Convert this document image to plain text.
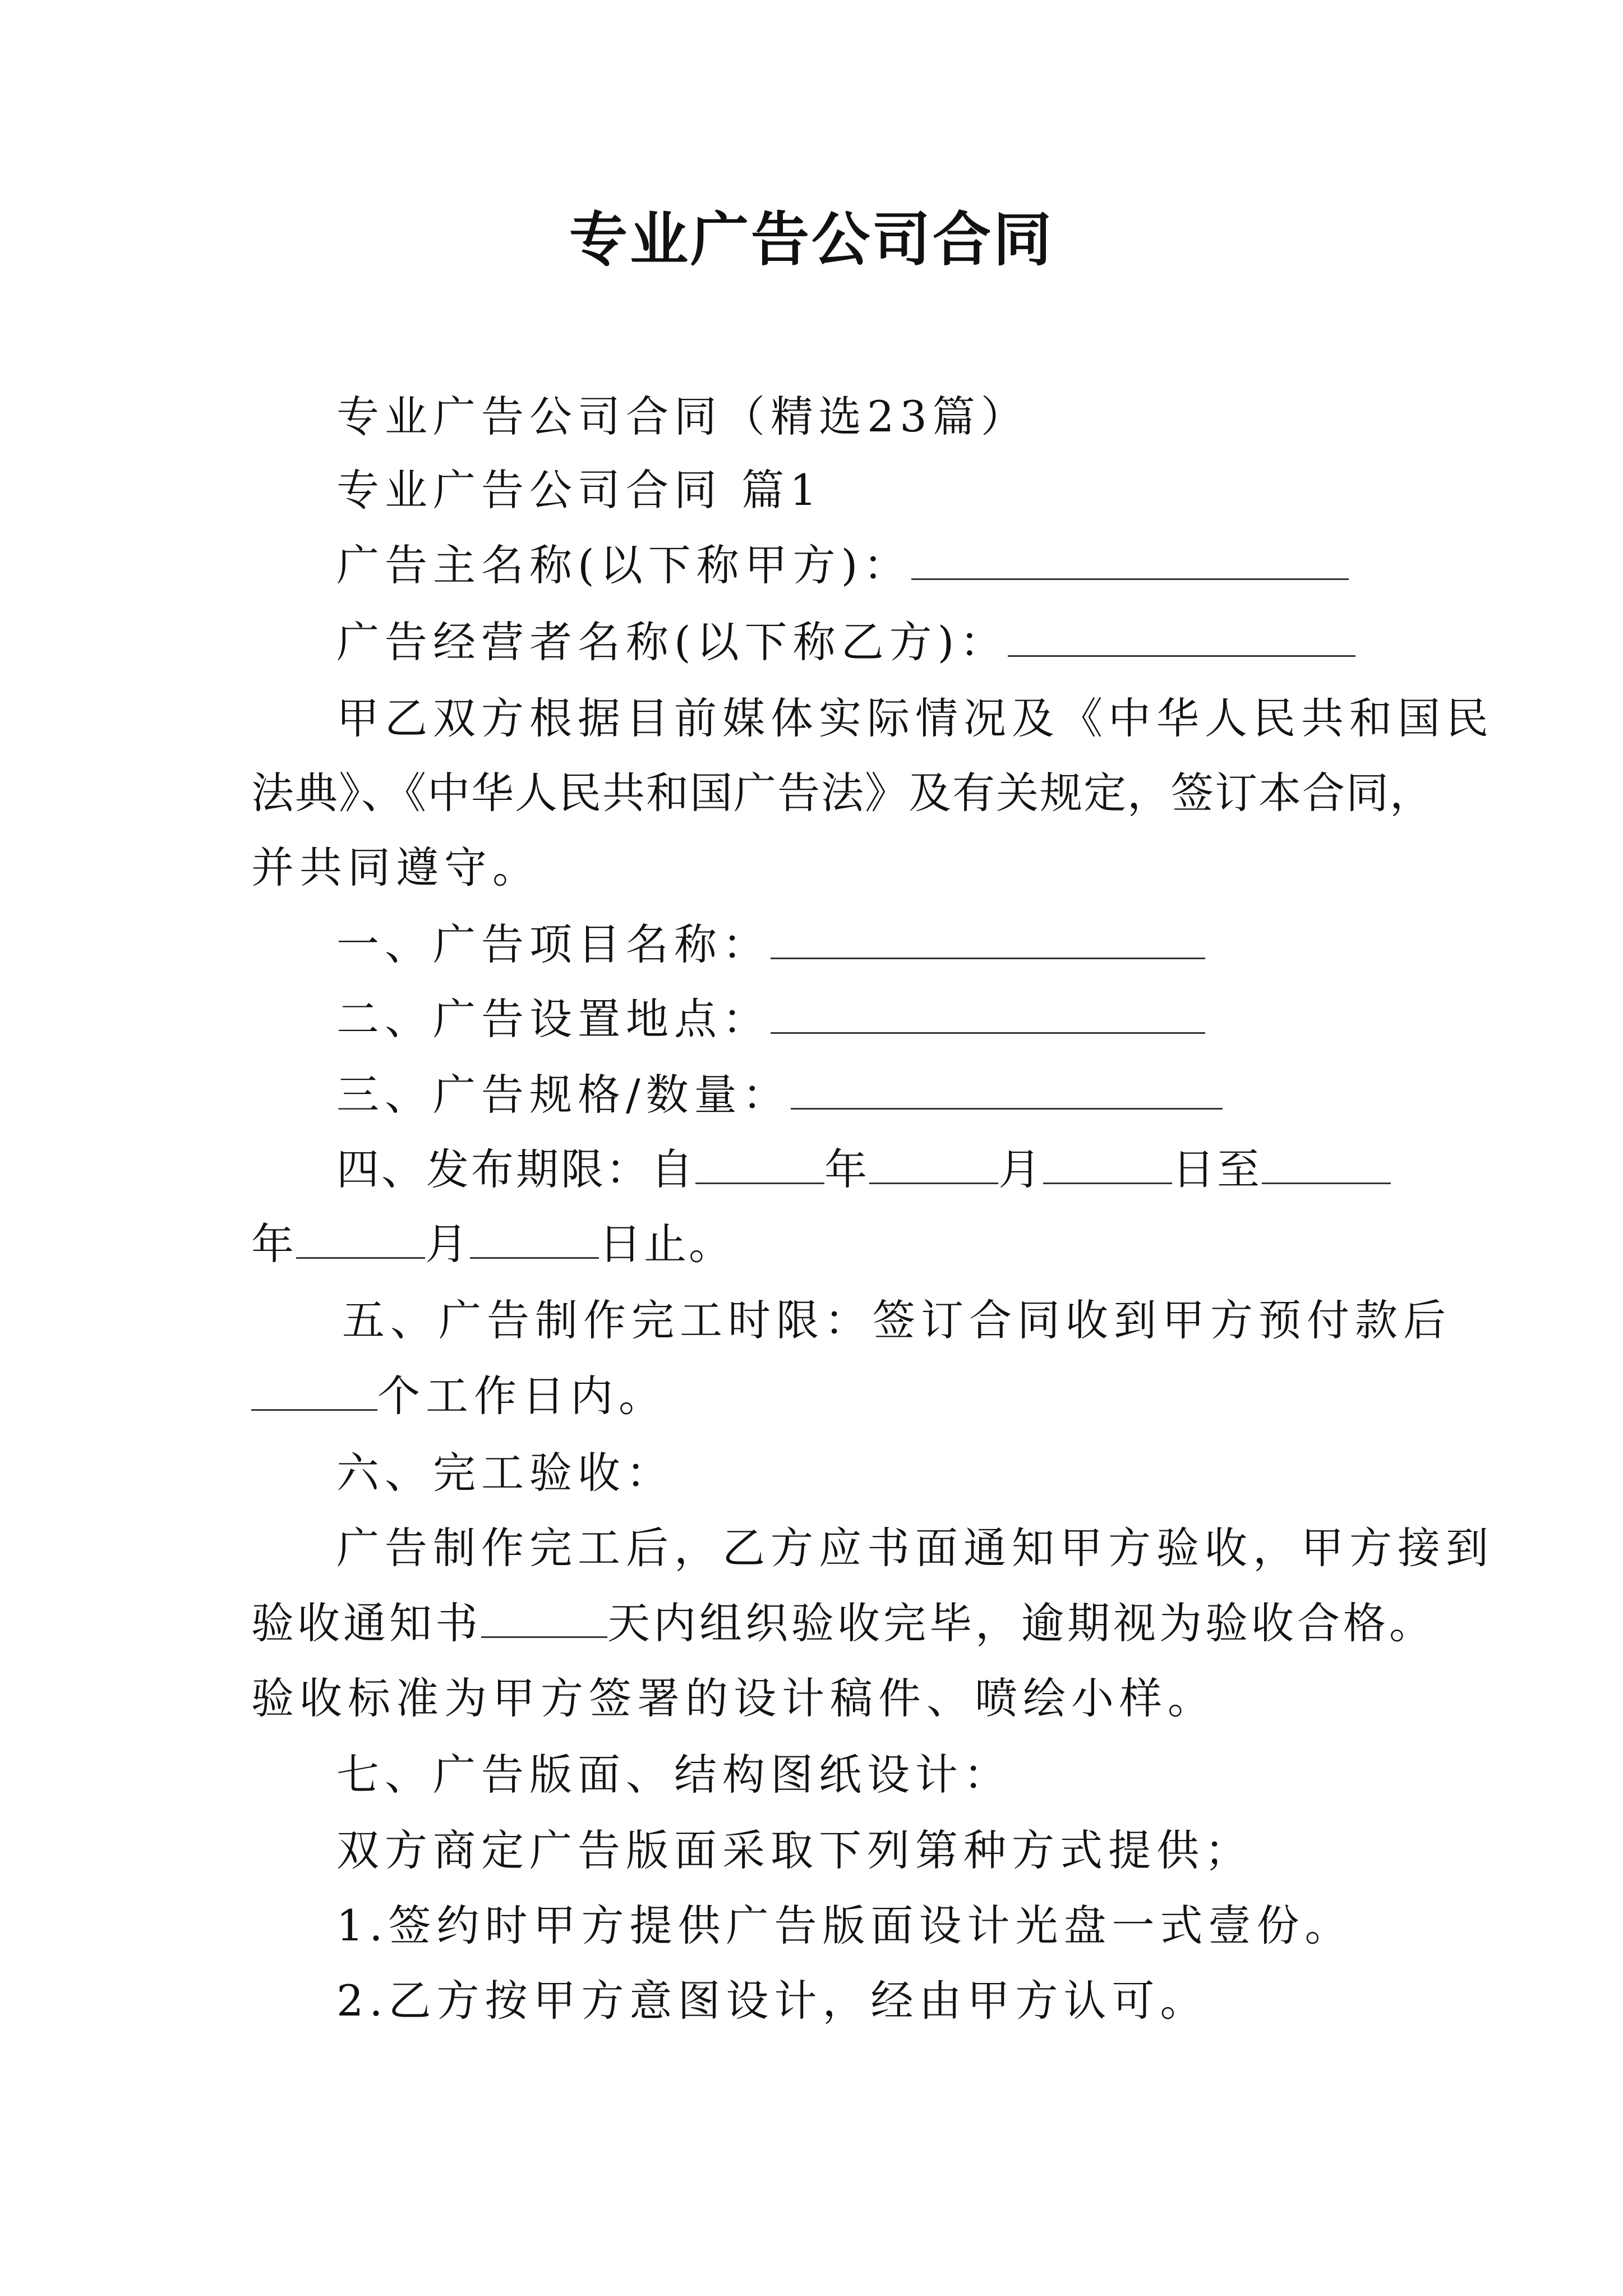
专业广告公司合同
专业广告公司合同（精选23篇）
专业广告公司合同 篇1
广告主名称(以下称甲方)：
广告经营者名称(以下称乙方)：
甲乙双方根据目前媒体实际情况及《中华人民共和国民
法典》、《中华人民共和国广告法》及有关规定，签订本合同，
并共同遵守。
一、广告项目名称：
二、广告设置地点：
三、广告规格/数量：
四、发布期限：自	年	月	日至
年	月	日止。
五、广告制作完工时限：签订合同收到甲方预付款后
个工作日内。
六、完工验收：
广告制作完工后，乙方应书面通知甲方验收，甲方接到
验收通知书	天内组织验收完毕，逾期视为验收合格。
验收标准为甲方签署的设计稿件、喷绘小样。
七、广告版面、结构图纸设计：
双方商定广告版面采取下列第种方式提供；
1.签约时甲方提供广告版面设计光盘一式壹份。
2.乙方按甲方意图设计，经由甲方认可。
